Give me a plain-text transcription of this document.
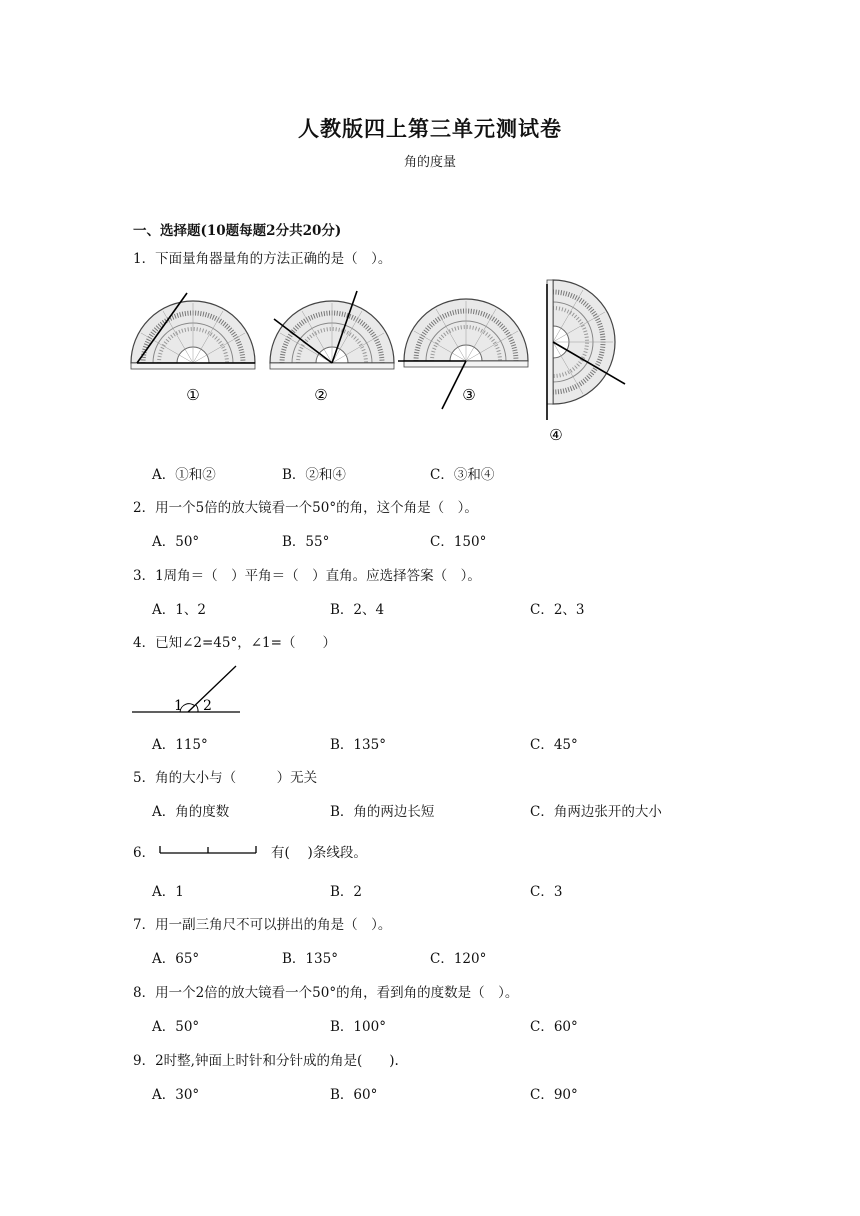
人教版四上第三单元测试卷
角的度量
一、选择题(10题每题2分共20分)
1．下面量角器量角的方法正确的是（　）。
①	②	③
④
A．①和②	B．②和④	C．③和④
2．用一个5倍的放大镜看一个50°的角，这个角是（　）。
A．50°	B．55°	C．150°
3．1周角＝（　）平角＝（　）直角。应选择答案（　）。
A．1、2	B．2、4	C．2、3
4．已知∠2=45°，∠1=（　　）
1 2
A．115°	B．135°	C．45°
5．角的大小与（　　　）无关
A．角的度数	B．角的两边长短	C．角两边张开的大小
6．	有(　 )条线段。
A．1	B．2	C．3
7．用一副三角尺不可以拼出的角是（　）。
A．65°	B．135°	C．120°
8．用一个2倍的放大镜看一个50°的角，看到角的度数是（　）。
A．50°	B．100°	C．60°
9．2时整,钟面上时针和分针成的角是(　　).
A．30°	B．60°	C．90°
